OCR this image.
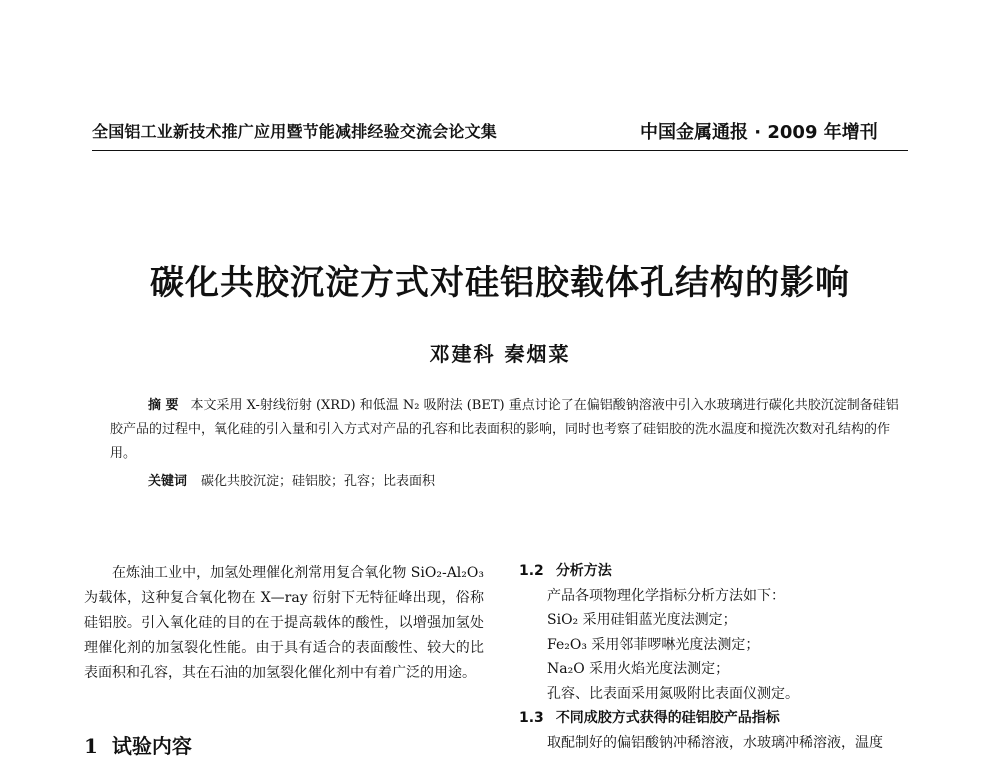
全国铝工业新技术推广应用暨节能减排经验交流会论文集	中国金属通报 · 2009 年增刊
碳化共胶沉淀方式对硅铝胶载体孔结构的影响
邓建科 秦烟菜
摘 要 本文采用 X-射线衍射 (XRD) 和低温 N₂ 吸附法 (BET) 重点讨论了在偏铝酸钠溶液中引入水玻璃进行碳化共胶沉淀制备硅铝胶产品的过程中，氧化硅的引入量和引入方式对产品的孔容和比表面积的影响，同时也考察了硅铝胶的洗水温度和搅洗次数对孔结构的作用。
关键词 碳化共胶沉淀；硅铝胶；孔容；比表面积

在炼油工业中，加氢处理催化剂常用复合氧化物 SiO₂-Al₂O₃ 为载体，这种复合氧化物在 X—ray 衍射下无特征峰出现，俗称硅铝胶。引入氧化硅的目的在于提高载体的酸性，以增强加氢处理催化剂的加氢裂化性能。由于具有适合的表面酸性、较大的比表面积和孔容，其在石油的加氢裂化催化剂中有着广泛的用途。

1 试验内容
1.2 分析方法
产品各项物理化学指标分析方法如下：
SiO₂ 采用硅钼蓝光度法测定；
Fe₂O₃ 采用邻菲啰啉光度法测定；
Na₂O 采用火焰光度法测定；
孔容、比表面采用氮吸附比表面仪测定。
1.3 不同成胶方式获得的硅铝胶产品指标
取配制好的偏铝酸钠冲稀溶液，水玻璃冲稀溶液，温度
